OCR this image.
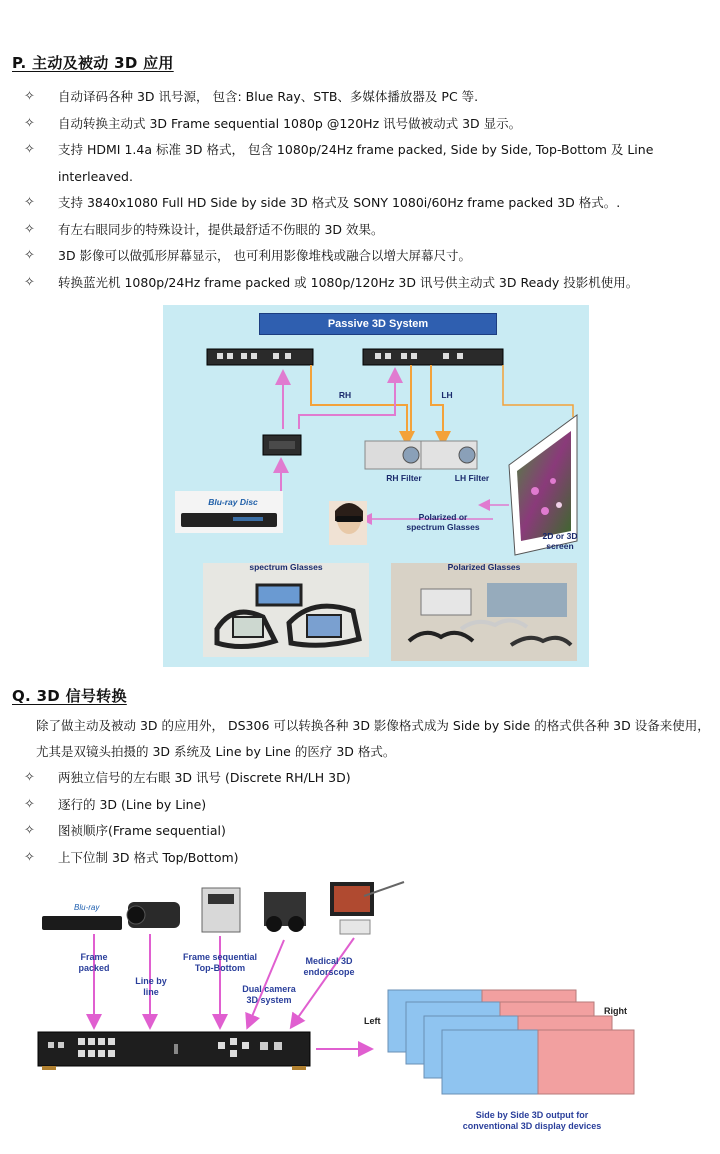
P. 主动及被动 3D 应用
✧ 自动译码各种 3D 讯号源， 包含: Blue Ray、STB、多媒体播放器及 PC 等.
✧ 自动转换主动式 3D Frame sequential 1080p @120Hz 讯号做被动式 3D 显示。
✧ 支持 HDMI 1.4a 标准 3D 格式， 包含 1080p/24Hz frame packed, Side by Side, Top-Bottom 及 Line interleaved.
✧ 支持 3840x1080 Full HD Side by side 3D 格式及 SONY 1080i/60Hz frame packed 3D 格式。.
✧ 有左右眼同步的特殊设计，提供最舒适不伤眼的 3D 效果。
✧ 3D 影像可以做弧形屏幕显示， 也可利用影像堆栈或融合以增大屏幕尺寸。
✧ 转换蓝光机 1080p/24Hz frame packed 或 1080p/120Hz 3D 讯号供主动式 3D Ready 投影机使用。
Passive 3D System
RH	LH
RH Filter	LH Filter
Polarized or
spectrum Glasses
2D or 3D
screen
Blu-ray Disc
spectrum Glasses	Polarized Glasses
Q. 3D 信号转换

除了做主动及被动 3D 的应用外， DS306 可以转换各种 3D 影像格式成为 Side by Side 的格式供各种 3D 设备来使用，尤其是双镜头拍摄的 3D 系统及 Line by Line 的医疗 3D 格式。

✧ 两独立信号的左右眼 3D 讯号 (Discrete RH/LH 3D)
✧ 逐行的 3D (Line by Line)
✧ 图祯顺序(Frame sequential)
✧ 上下位制 3D 格式 Top/Bottom)
Blu-ray
Frame
packed
Line by
line
Frame sequential
Top-Bottom
Dual camera
3D system
Medical 3D
endorscope
Left
Right
Side by Side 3D output for
conventional 3D display devices
